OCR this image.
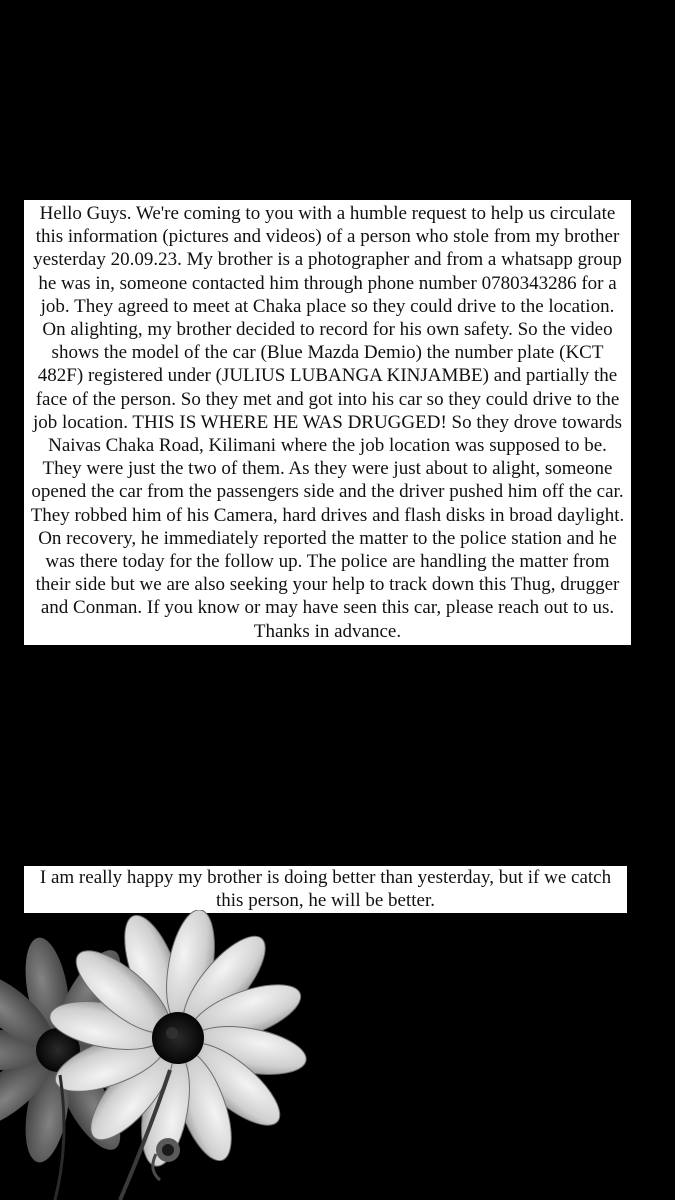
Hello Guys. We're coming to you with a humble request to help us circulate this information (pictures and videos) of a person who stole from my brother yesterday 20.09.23. My brother is a photographer and from a whatsapp group he was in, someone contacted him through phone number 0780343286 for a job. They agreed to meet at Chaka place so they could drive to the location. On alighting, my brother decided to record for his own safety. So the video shows the model of the car (Blue Mazda Demio) the number plate (KCT 482F) registered under (JULIUS LUBANGA KINJAMBE) and partially the face of the person. So they met and got into his car so they could drive to the job location. THIS IS WHERE HE WAS DRUGGED! So they drove towards Naivas Chaka Road, Kilimani where the job location was supposed to be. They were just the two of them. As they were just about to alight, someone opened the car from the passengers side and the driver pushed him off the car. They robbed him of his Camera, hard drives and flash disks in broad daylight. On recovery, he immediately reported the matter to the police station and he was there today for the follow up. The police are handling the matter from their side but we are also seeking your help to track down this Thug, drugger and Conman. If you know or may have seen this car, please reach out to us. Thanks in advance.
I am really happy my brother is doing better than yesterday, but if we catch this person, he will be better.
